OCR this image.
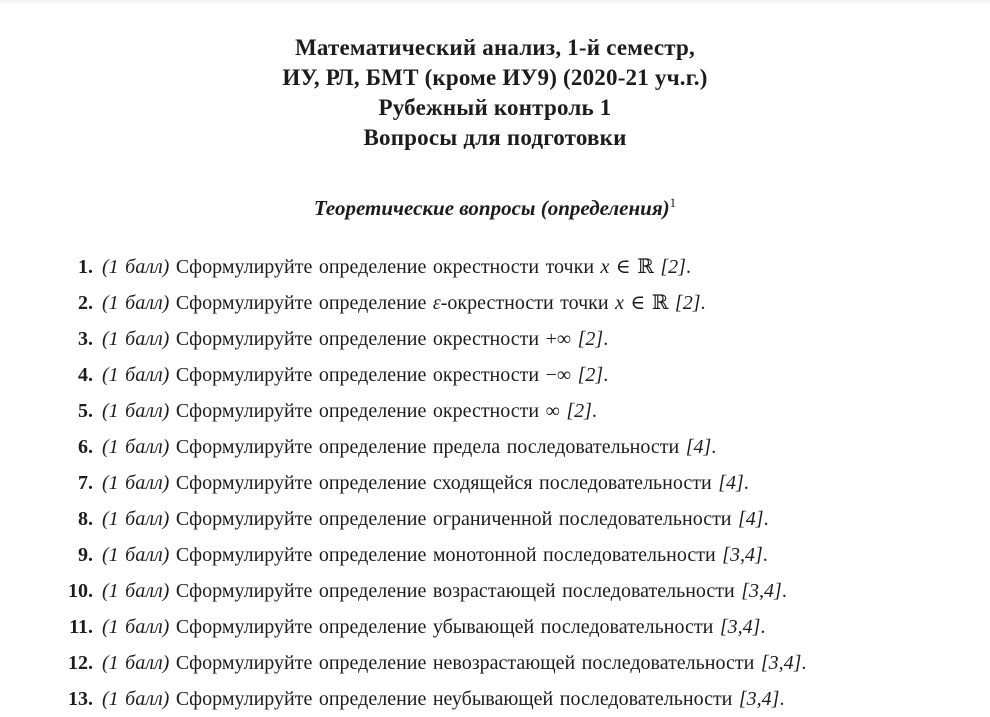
Математический анализ, 1-й семестр,
ИУ, РЛ, БМТ (кроме ИУ9) (2020-21 уч.г.)
Рубежный контроль 1
Вопросы для подготовки
Теоретические вопросы (определения)$^1$
1. (1 балл) Сформулируйте определение окрестности точки x ∈ ℝ [2].
2. (1 балл) Сформулируйте определение ε-окрестности точки x ∈ ℝ [2].
3. (1 балл) Сформулируйте определение окрестности +∞ [2].
4. (1 балл) Сформулируйте определение окрестности −∞ [2].
5. (1 балл) Сформулируйте определение окрестности ∞ [2].
6. (1 балл) Сформулируйте определение предела последовательности [4].
7. (1 балл) Сформулируйте определение сходящейся последовательности [4].
8. (1 балл) Сформулируйте определение ограниченной последовательности [4].
9. (1 балл) Сформулируйте определение монотонной последовательности [3,4].
10. (1 балл) Сформулируйте определение возрастающей последовательности [3,4].
11. (1 балл) Сформулируйте определение убывающей последовательности [3,4].
12. (1 балл) Сформулируйте определение невозрастающей последовательности [3,4].
13. (1 балл) Сформулируйте определение неубывающей последовательности [3,4].
